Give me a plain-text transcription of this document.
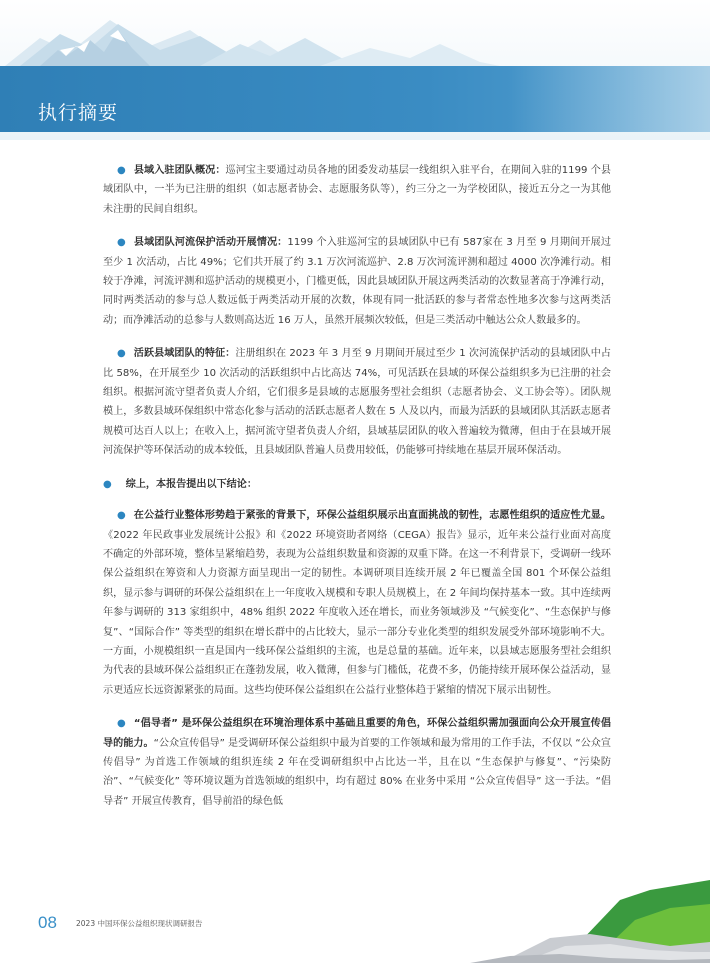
执行摘要

● 县域入驻团队概况：巡河宝主要通过动员各地的团委发动基层一线组织入驻平台，在期间入驻的1199 个县域团队中，一半为已注册的组织（如志愿者协会、志愿服务队等），约三分之一为学校团队，接近五分之一为其他未注册的民间自组织。

● 县域团队河流保护活动开展情况：1199 个入驻巡河宝的县域团队中已有 587家在 3 月至 9 月期间开展过至少 1 次活动，占比 49%；它们共开展了约 3.1 万次河流巡护、2.8 万次河流评测和超过 4000 次净滩行动。相较于净滩，河流评测和巡护活动的规模更小，门槛更低，因此县域团队开展这两类活动的次数显著高于净滩行动，同时两类活动的参与总人数远低于两类活动开展的次数，体现有同一批活跃的参与者常态性地多次参与这两类活动；而净滩活动的总参与人数则高达近 16 万人，虽然开展频次较低，但是三类活动中触达公众人数最多的。

● 活跃县域团队的特征：注册组织在 2023 年 3 月至 9 月期间开展过至少 1 次河流保护活动的县域团队中占比 58%，在开展至少 10 次活动的活跃组织中占比高达 74%，可见活跃在县域的环保公益组织多为已注册的社会组织。根据河流守望者负责人介绍，它们很多是县域的志愿服务型社会组织（志愿者协会、义工协会等）。团队规模上，多数县域环保组织中常态化参与活动的活跃志愿者人数在 5 人及以内，而最为活跃的县域团队其活跃志愿者规模可达百人以上；在收入上，据河流守望者负责人介绍，县域基层团队的收入普遍较为微薄，但由于在县域开展河流保护等环保活动的成本较低，且县域团队普遍人员费用较低，仍能够可持续地在基层开展环保活动。

● 综上，本报告提出以下结论：

● 在公益行业整体形势趋于紧张的背景下，环保公益组织展示出直面挑战的韧性，志愿性组织的适应性尤显。《2022 年民政事业发展统计公报》和《2022 环境资助者网络（CEGA）报告》显示，近年来公益行业面对高度不确定的外部环境，整体呈紧缩趋势，表现为公益组织数量和资源的双重下降。在这一不利背景下，受调研一线环保公益组织在筹资和人力资源方面呈现出一定的韧性。本调研项目连续开展 2 年已覆盖全国 801 个环保公益组织，显示参与调研的环保公益组织在上一年度收入规模和专职人员规模上，在 2 年间均保持基本一致。其中连续两年参与调研的 313 家组织中，48% 组织 2022 年度收入还在增长，而业务领域涉及 “气候变化”、“生态保护与修复”、“国际合作” 等类型的组织在增长群中的占比较大，显示一部分专业化类型的组织发展受外部环境影响不大。一方面，小规模组织一直是国内一线环保公益组织的主流，也是总量的基础。近年来，以县域志愿服务型社会组织为代表的县域环保公益组织正在蓬勃发展，收入微薄，但参与门槛低，花费不多，仍能持续开展环保公益活动，显示更适应长远资源紧张的局面。这些均使环保公益组织在公益行业整体趋于紧缩的情况下展示出韧性。

● “倡导者” 是环保公益组织在环境治理体系中基础且重要的角色，环保公益组织需加强面向公众开展宣传倡导的能力。“公众宣传倡导” 是受调研环保公益组织中最为首要的工作领域和最为常用的工作手法，不仅以 “公众宣传倡导” 为首选工作领域的组织连续 2 年在受调研组织中占比达一半，且在以 “生态保护与修复”、“污染防治”、“气候变化” 等环境议题为首选领域的组织中，均有超过 80% 在业务中采用 “公众宣传倡导” 这一手法。“倡导者” 开展宣传教育，倡导前沿的绿色低

08	2023 中国环保公益组织现状调研报告
